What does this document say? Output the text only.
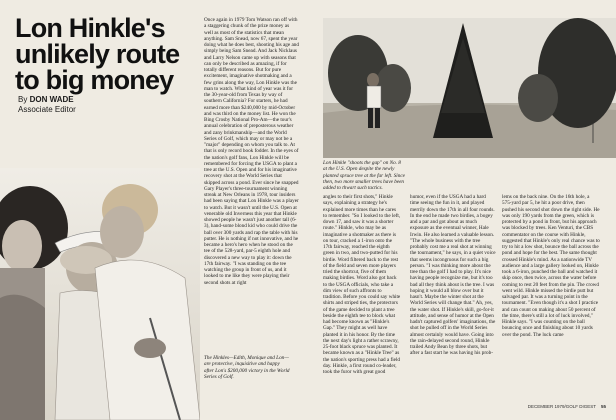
Lon Hinkle's
unlikely route
to big money
By DON WADE
Associate Editor
Lon Hinkle "shoots the gap" on No. 8 at the U.S. Open despite the newly planted spruce tree at the far left. Since then, two more smaller trees have been added to thwart such tactics.
The Hinkles—Edith, Monique and Lon—are protective, inquisitive and happy after Lon's $200,000 victory in the World Series of Golf.

Once again in 1979 Tom Watson ran off with a staggering chunk of the prize money as well as most of the statistics that mean anything. Sam Snead, now 67, spent the year doing what he does best, shooting his age and simply being Sam Snead. And Jack Nicklaus and Larry Nelson came up with seasons that can only be described as amazing, if for totally different reasons. But for pure excitement, imaginative shotmaking and a few grins along the way, Lon Hinkle was the man to watch. What kind of year was it for the 30-year-old from Texas by way of southern California? For starters, he had earned more than $240,000 by mid-October and was third on the money list. He won the Bing Crosby National Pro-Am—the tour's annual celebration of preposterous weather and zany brinkmanship—and the World Series of Golf, which may or may not be a "major" depending on whom you talk to. At that is only record book fodder. In the eyes of the nation's golf fans, Lon Hinkle will be remembered for forcing the USGA to plant a tree at the U.S. Open and for his imaginative recovery shot at the World Series that skipped across a pond. Ever since he snapped Gary Player's three-tournament winning streak at New Orleans in 1978, tour insiders had been saying that Lon Hinkle was a player to watch. But it wasn't until the U.S. Open at venerable old Inverness this year that Hinkle showed people he wasn't just another tall (6-3), hand-some blond kid who could drive the ball over 300 yards and rap the table with his putter. He is nothing if not innovative, and he became a hero's hero when he stood on the tee of the 528-yard, par-5 eighth hole and discovered a new way to play it: down the 17th fairway. "I was standing on the tee watching the group in front of us, and it looked to me like they were playing their second shots at right

angles to their first shots," Hinkle says, explaining a strategy he's explained more times than he cares to remember. "So I looked to the left, down 17, and saw it was a shorter route." Hinkle, who may be as imaginative a shotmaker as there is on tour, cracked a 1-iron onto the 17th fairway, reached the eighth green in two, and two-putted for his birdie. Word filtered back to the rest of the field and seven more players tried the shortcut, five of them making birdies. Word also got back to the USGA officials, who take a dim view of such affronts to tradition. Before you could say white shirts and striped ties, the protectors of the game decided to plant a tree beside the eighth tee to block what had become known as "Hinkle's Gap." They might as well have planted it in his honor. By the time the next day's light a rather scrawny, 25-foot black spruce was planted. It became known as a "Hinkle Tree" as the nation's sporting press had a field day. Hinkle, a first round co-leader, took the furor with great good

humor, even if the USGA had a hard time seeing the fun in it, and played merrily down the 17th in all four rounds. In the end he made two birdies, a bogey and a par and got about as much exposure as the eventual winner, Hale Irwin. He also learned a valuable lesson. "The whole business with the tree probably cost me a real shot at winning the tournament," he says, in a quiet voice that seems incongruous for such a big person. "I was thinking more about the tree than the golf I had to play. It's nice having people recognize me, but it's too bad all they think about is the tree. I was hoping it would all blow over but it hasn't. Maybe the winter shot at the World Series will change that." Ah, yes, the water shot. If Hinkle's skill, go-for-it attitude, and sense of humor at the Open hadn't captured golfers' imaginations, the shot he pulled off in the World Series almost certainly would have. Going into the rain-delayed second round, Hinkle trailed Andy Bean by three shots, but after a fast start he was having his prob-

lems on the back nine. On the 16th hole, a 575-yard par 5, he hit a poor drive, then pushed his second shot down the right side. He was only 190 yards from the green, which is protected by a pond in front, but his approach was blocked by trees. Ken Venturi, the CBS commentator on the course with Hinkle, suggested that Hinkle's only real chance was to try to hit a low shot, bounce the ball across the pond and hope for the best. The same thought crossed Hinkle's mind. As a nationwide TV audience and a large gallery looked on, Hinkle took a 6-iron, punched the ball and watched it skip once, then twice, across the water before coming to rest 20 feet from the pin. The crowd went wild. Hinkle missed the birdie putt but salvaged par. It was a turning point in the tournament. "Even though it's a shot I practice and can count on making about 50 percent of the time, there's still a lot of luck involved," Hinkle says. "I was counting on the ball bouncing once and finishing about 10 yards over the pond. The luck came

DECEMBER 1979/GOLF DIGEST 55
